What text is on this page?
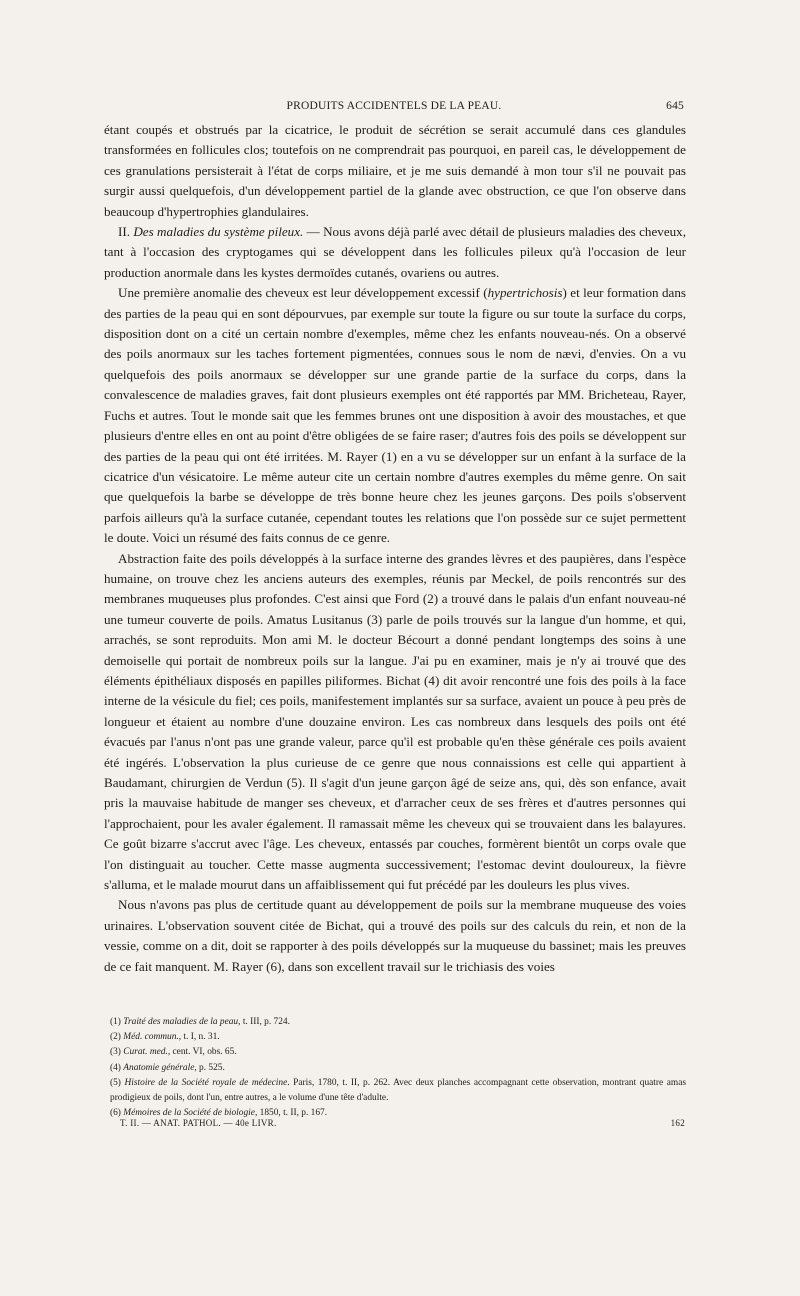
PRODUITS ACCIDENTELS DE LA PEAU.	645

étant coupés et obstrués par la cicatrice, le produit de sécrétion se serait accumulé dans ces glandules transformées en follicules clos; toutefois on ne comprendrait pas pourquoi, en pareil cas, le développement de ces granulations persisterait à l'état de corps miliaire, et je me suis demandé à mon tour s'il ne pouvait pas surgir aussi quelquefois, d'un développement partiel de la glande avec obstruction, ce que l'on observe dans beaucoup d'hypertrophies glandulaires.

II. Des maladies du système pileux. — Nous avons déjà parlé avec détail de plusieurs maladies des cheveux, tant à l'occasion des cryptogames qui se développent dans les follicules pileux qu'à l'occasion de leur production anormale dans les kystes dermoïdes cutanés, ovariens ou autres.

Une première anomalie des cheveux est leur développement excessif (hypertrichosis) et leur formation dans des parties de la peau qui en sont dépourvues, par exemple sur toute la figure ou sur toute la surface du corps, disposition dont on a cité un certain nombre d'exemples, même chez les enfants nouveau-nés. On a observé des poils anormaux sur les taches fortement pigmentées, connues sous le nom de nævi, d'envies. On a vu quelquefois des poils anormaux se développer sur une grande partie de la surface du corps, dans la convalescence de maladies graves, fait dont plusieurs exemples ont été rapportés par MM. Bricheteau, Rayer, Fuchs et autres. Tout le monde sait que les femmes brunes ont une disposition à avoir des moustaches, et que plusieurs d'entre elles en ont au point d'être obligées de se faire raser; d'autres fois des poils se développent sur des parties de la peau qui ont été irritées. M. Rayer (1) en a vu se développer sur un enfant à la surface de la cicatrice d'un vésicatoire. Le même auteur cite un certain nombre d'autres exemples du même genre. On sait que quelquefois la barbe se développe de très bonne heure chez les jeunes garçons. Des poils s'observent parfois ailleurs qu'à la surface cutanée, cependant toutes les relations que l'on possède sur ce sujet permettent le doute. Voici un résumé des faits connus de ce genre.

Abstraction faite des poils développés à la surface interne des grandes lèvres et des paupières, dans l'espèce humaine, on trouve chez les anciens auteurs des exemples, réunis par Meckel, de poils rencontrés sur des membranes muqueuses plus profondes. C'est ainsi que Ford (2) a trouvé dans le palais d'un enfant nouveau-né une tumeur couverte de poils. Amatus Lusitanus (3) parle de poils trouvés sur la langue d'un homme, et qui, arrachés, se sont reproduits. Mon ami M. le docteur Bécourt a donné pendant longtemps des soins à une demoiselle qui portait de nombreux poils sur la langue. J'ai pu en examiner, mais je n'y ai trouvé que des éléments épithéliaux disposés en papilles piliformes. Bichat (4) dit avoir rencontré une fois des poils à la face interne de la vésicule du fiel; ces poils, manifestement implantés sur sa surface, avaient un pouce à peu près de longueur et étaient au nombre d'une douzaine environ. Les cas nombreux dans lesquels des poils ont été évacués par l'anus n'ont pas une grande valeur, parce qu'il est probable qu'en thèse générale ces poils avaient été ingérés. L'observation la plus curieuse de ce genre que nous connaissions est celle qui appartient à Baudamant, chirurgien de Verdun (5). Il s'agit d'un jeune garçon âgé de seize ans, qui, dès son enfance, avait pris la mauvaise habitude de manger ses cheveux, et d'arracher ceux de ses frères et d'autres personnes qui l'approchaient, pour les avaler également. Il ramassait même les cheveux qui se trouvaient dans les balayures. Ce goût bizarre s'accrut avec l'âge. Les cheveux, entassés par couches, formèrent bientôt un corps ovale que l'on distinguait au toucher. Cette masse augmenta successivement; l'estomac devint douloureux, la fièvre s'alluma, et le malade mourut dans un affaiblissement qui fut précédé par les douleurs les plus vives.

Nous n'avons pas plus de certitude quant au développement de poils sur la membrane muqueuse des voies urinaires. L'observation souvent citée de Bichat, qui a trouvé des poils sur des calculs du rein, et non de la vessie, comme on a dit, doit se rapporter à des poils développés sur la muqueuse du bassinet; mais les preuves de ce fait manquent. M. Rayer (6), dans son excellent travail sur le trichiasis des voies

(1) Traité des maladies de la peau, t. III, p. 724.

(2) Méd. commun., t. I, n. 31.

(3) Curat. med., cent. VI, obs. 65.

(4) Anatomie générale, p. 525.

(5) Histoire de la Société royale de médecine. Paris, 1780, t. II, p. 262. Avec deux planches accompagnant cette observation, montrant quatre amas prodigieux de poils, dont l'un, entre autres, a le volume d'une tête d'adulte.

(6) Mémoires de la Société de biologie, 1850, t. II, p. 167.

T. II. — ANAT. PATHOL. — 40e LIVR.	162
